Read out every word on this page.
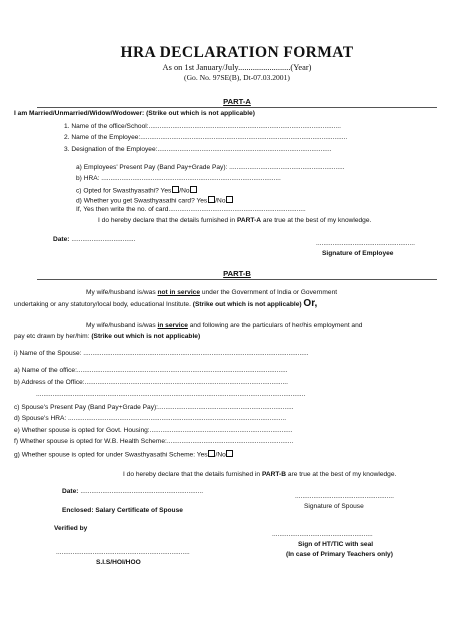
HRA DECLARATION FORMAT
As on 1st January/July.........................(Year)
(Go. No. 97SE(B), Dt-07.03.2001)
PART-A
I am Married/Unmarried/Widow/Wodower: (Strike out which is not applicable)
1. Name of the office/School:.........................................................................................................
2. Name of the Employee:.................................................................................................................
3. Designation of the Employee:...............................................................................................
a) Employees' Present Pay (Band Pay+Grade Pay): ...............................................................
b) HRA: ..................................................................................................
c) Opted for Swasthyasathi? Yes /No
d) Whether you get Swasthyasathi card? Yes /No
If, Yes then write the no. of card...........................................................................
I do hereby declare that the details furnished in PART-A are true at the best of my knowledge.
Date: ...................................
......................................................
Signature of Employee
PART-B
My wife/husband is/was not in service under the Government of India or Government
undertaking or any statutory/local body, educational Institute. (Strike out which is not applicable) Or,
My wife/husband is/was in service and following are the particulars of her/his employment and
pay etc drawn by her/him: (Strike out which is not applicable)
i) Name of the Spouse: ...........................................................................................................................
a) Name of the office:...................................................................................................................
b) Address of the Office:...............................................................................................................
...................................................................................................................................................
c) Spouse's Present Pay (Band Pay+Grade Pay):..........................................................................
d) Spouse's HRA: .......................................................................................................................
e) Whether spouse is opted for Govt. Housing:..............................................................................
f) Whether spouse is opted for W.B. Health Scheme:.....................................................................
g) Whether spouse is opted for under Swasthyasathi Scheme: Yes /No
I do hereby declare that the details furnished in PART-B are true at the best of my knowledge.
Date: ...................................................................
......................................................
Signature of Spouse
Enclosed: Salary Certificate of Spouse
Verified by
.........................................................................
S.I.S/HOI/HOO
.......................................................
Sign of HT/TIC with seal
(In case of Primary Teachers only)
